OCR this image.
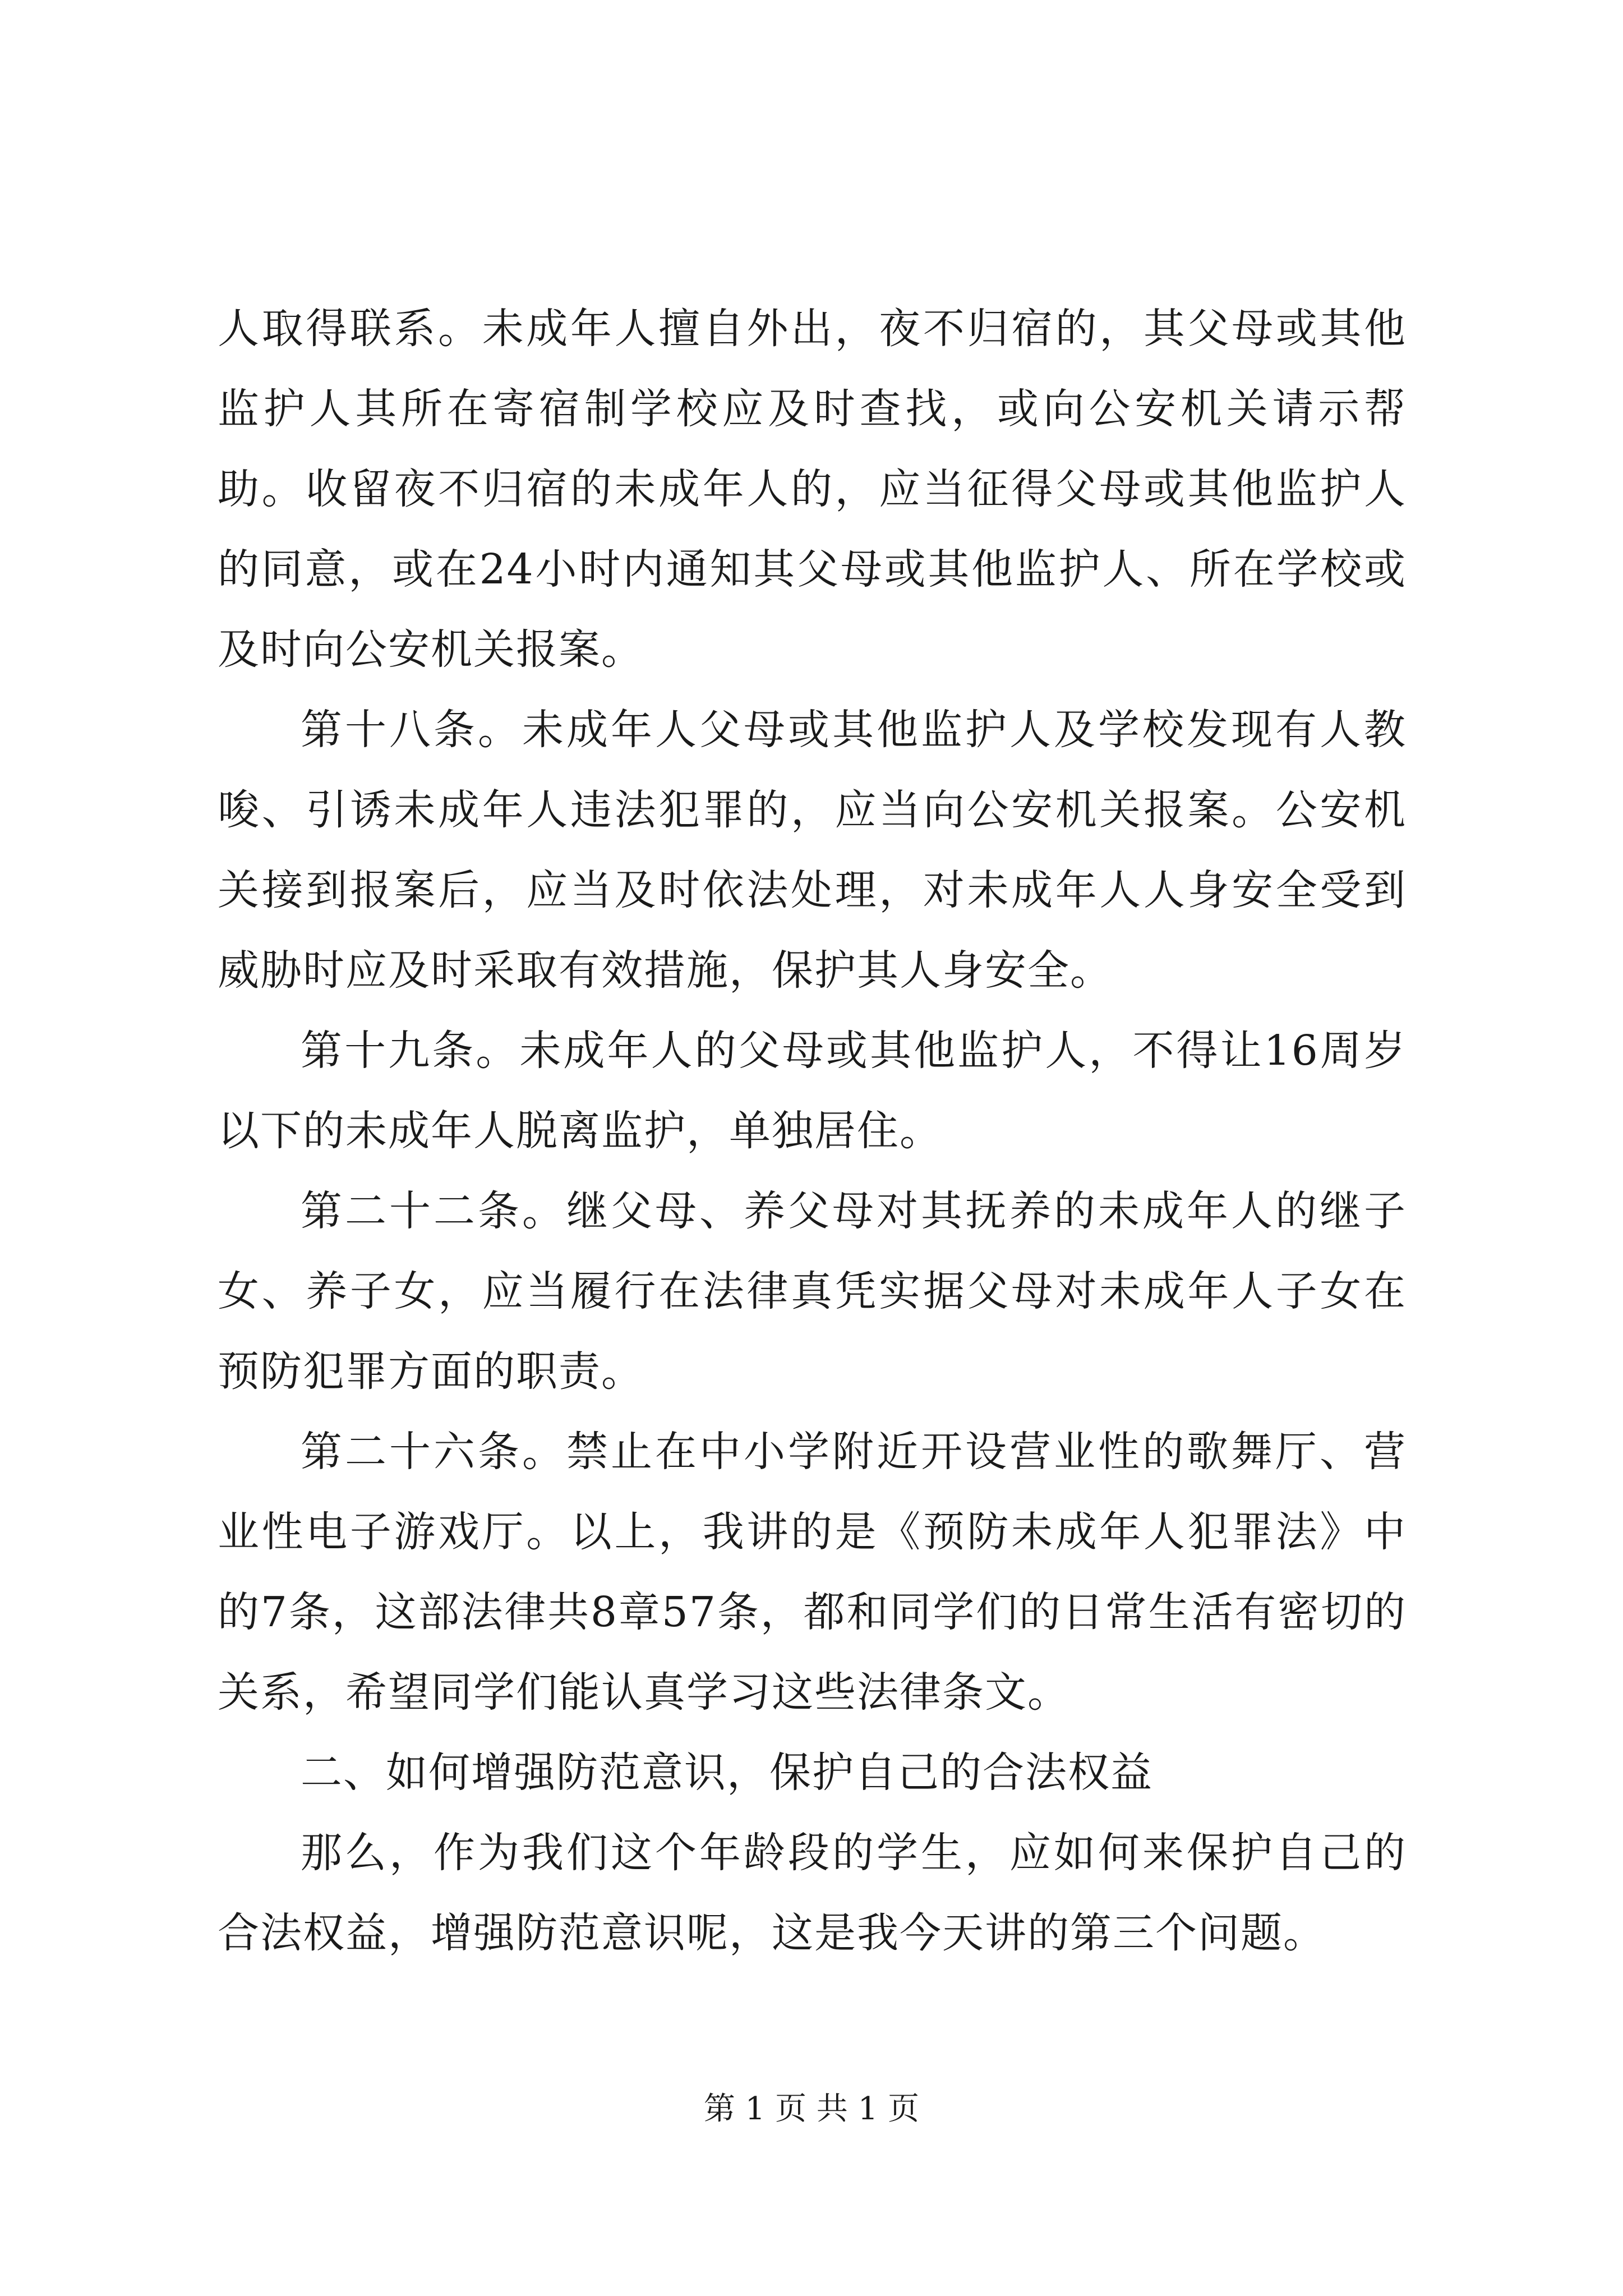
人取得联系。未成年人擅自外出，夜不归宿的，其父母或其他监护人其所在寄宿制学校应及时查找，或向公安机关请示帮助。收留夜不归宿的未成年人的，应当征得父母或其他监护人的同意，或在24小时内通知其父母或其他监护人、所在学校或及时向公安机关报案。

第十八条。未成年人父母或其他监护人及学校发现有人教唆、引诱未成年人违法犯罪的，应当向公安机关报案。公安机关接到报案后，应当及时依法处理，对未成年人人身安全受到威胁时应及时采取有效措施，保护其人身安全。

第十九条。未成年人的父母或其他监护人，不得让16周岁以下的未成年人脱离监护，单独居住。

第二十二条。继父母、养父母对其抚养的未成年人的继子女、养子女，应当履行在法律真凭实据父母对未成年人子女在预防犯罪方面的职责。

第二十六条。禁止在中小学附近开设营业性的歌舞厅、营业性电子游戏厅。以上，我讲的是《预防未成年人犯罪法》中的7条，这部法律共8章57条，都和同学们的日常生活有密切的关系，希望同学们能认真学习这些法律条文。

二、如何增强防范意识，保护自己的合法权益

那么，作为我们这个年龄段的学生，应如何来保护自己的合法权益，增强防范意识呢，这是我今天讲的第三个问题。

第 1 页 共 1 页
